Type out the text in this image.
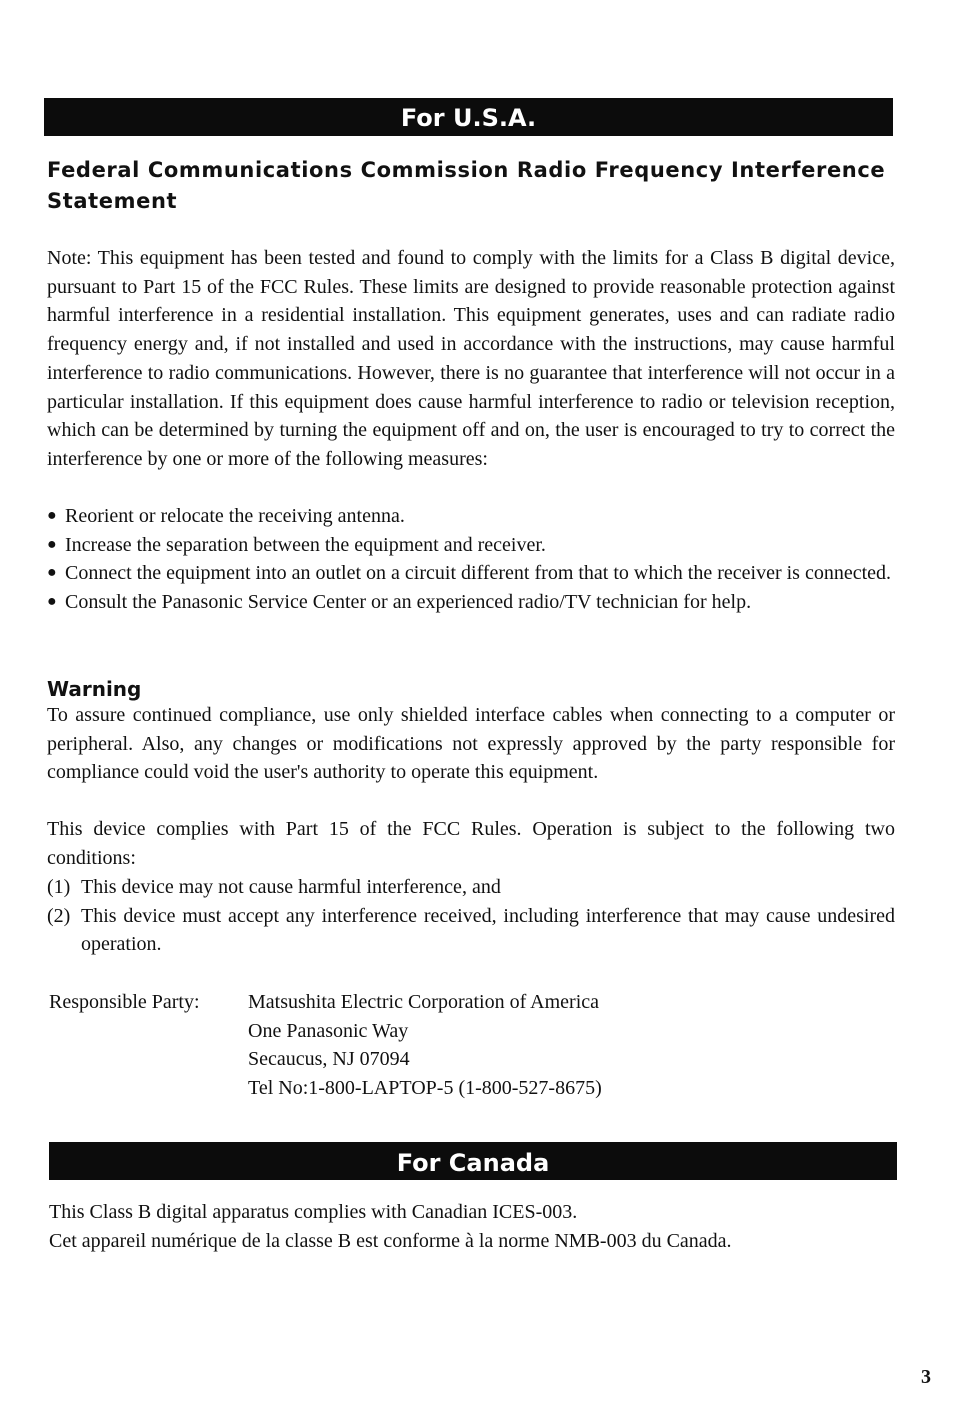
For U.S.A.
Federal Communications Commission Radio Frequency Interference Statement
Note: This equipment has been tested and found to comply with the limits for a Class B digital device, pursuant to Part 15 of the FCC Rules. These limits are designed to provide reasonable protection against harmful interference in a residential installation. This equipment generates, uses and can radiate radio frequency energy and, if not installed and used in accordance with the instructions, may cause harmful interference to radio communications. However, there is no guarantee that interference will not occur in a particular installation. If this equipment does cause harmful interference to radio or television reception, which can be determined by turning the equipment off and on, the user is encouraged to try to correct the interference by one or more of the following measures:
● Reorient or relocate the receiving antenna.
● Increase the separation between the equipment and receiver.
● Connect the equipment into an outlet on a circuit different from that to which the receiver is connected.
● Consult the Panasonic Service Center or an experienced radio/TV technician for help.
Warning
To assure continued compliance, use only shielded interface cables when connecting to a computer or peripheral. Also, any changes or modifications not expressly approved by the party responsible for compliance could void the user's authority to operate this equipment.
This device complies with Part 15 of the FCC Rules. Operation is subject to the following two conditions:
(1) This device may not cause harmful interference, and
(2) This device must accept any interference received, including interference that may cause undesired operation.
Responsible Party: Matsushita Electric Corporation of America
One Panasonic Way
Secaucus, NJ 07094
Tel No:1-800-LAPTOP-5 (1-800-527-8675)
For Canada
This Class B digital apparatus complies with Canadian ICES-003.
Cet appareil numérique de la classe B est conforme à la norme NMB-003 du Canada.
3
